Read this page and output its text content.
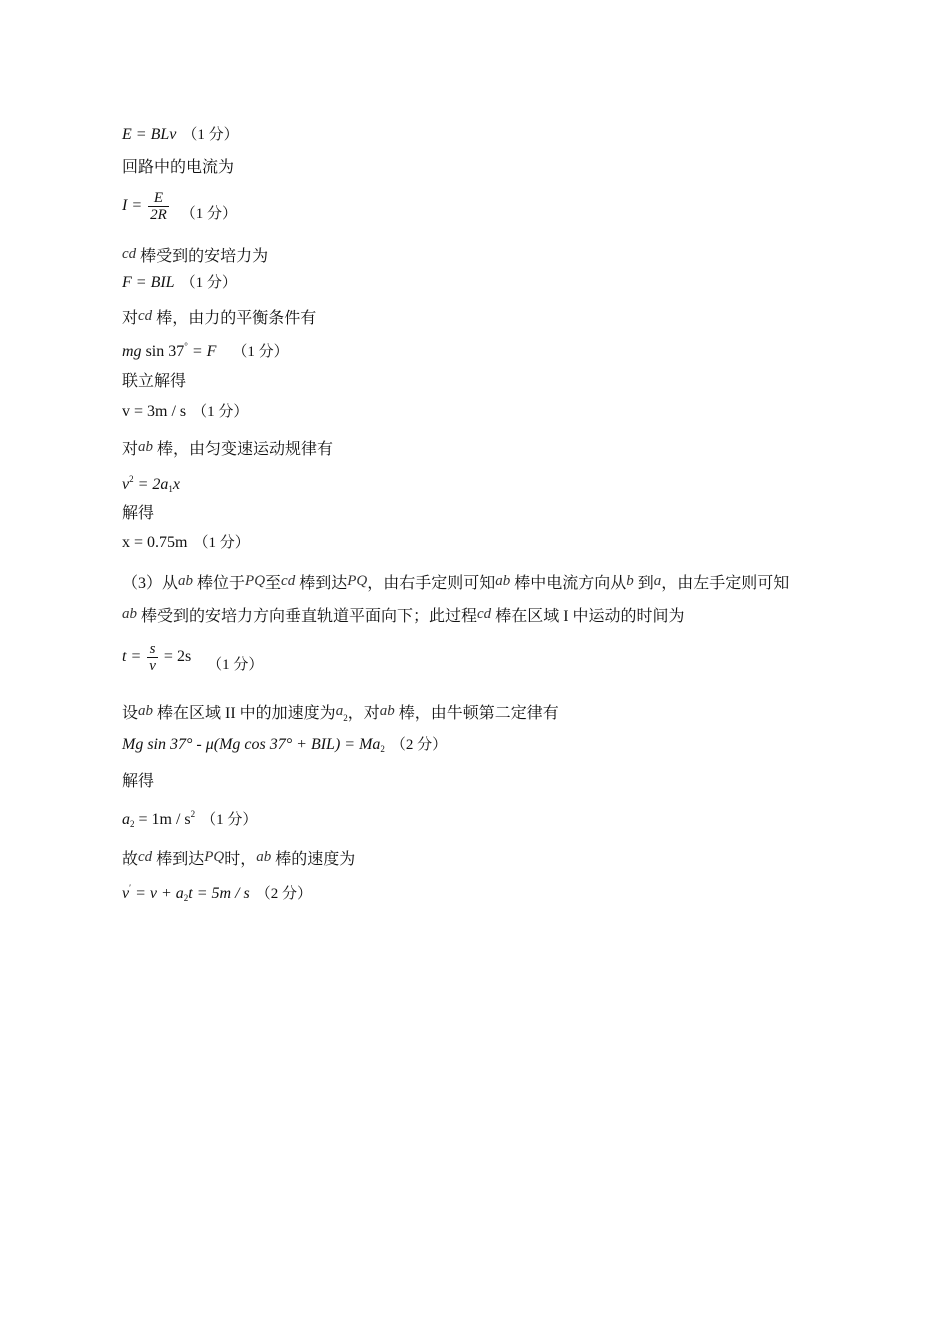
E = BLv （1 分）
回路中的电流为
$I = \frac{E}{2R} (1$ 分）
cd 棒受到的安培力为
F = BIL （1 分）
对cd 棒，由力的平衡条件有
mg sin 37° = F （1 分）
联立解得
v = 3m / s （1 分）
对ab 棒，由匀变速运动规律有
$v^2 = 2a_1x$
解得
x = 0.75m （1 分）
（3）从ab 棒位于PQ至cd 棒到达PQ，由右手定则可知ab 棒中电流方向从b 到a，由左手定则可知
ab 棒受到的安培力方向垂直轨道平面向下；此过程cd 棒在区域 I 中运动的时间为
$t = \frac{s}{v} = 2s$ （1 分）
设ab 棒在区域 II 中的加速度为$a_2$，对ab 棒，由牛顿第二定律有
Mg sin 37° - μ(Mg $\cos 37^\circ + BIL) = Ma_2$ （2 分）
解得
$a_2 = 1m / s^2$ （1 分）
故cd 棒到达PQ时，ab 棒的速度为
$v' = v + a_2t = 5m / s$ （2 分）
